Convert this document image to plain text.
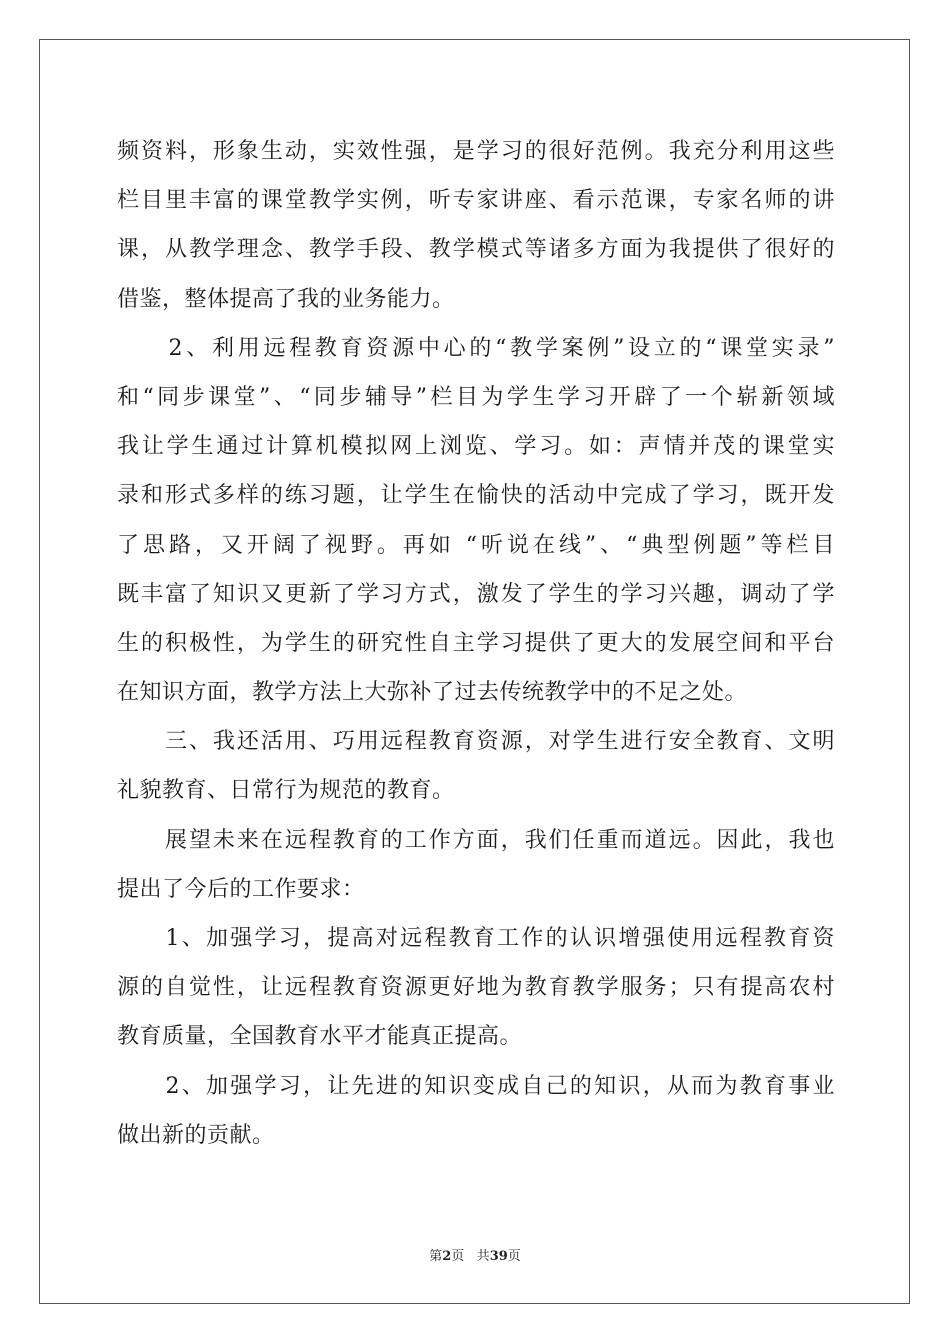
频资料，形象生动，实效性强，是学习的很好范例。我充分利用这些
栏目里丰富的课堂教学实例，听专家讲座、看示范课，专家名师的讲
课，从教学理念、教学手段、教学模式等诸多方面为我提供了很好的
借鉴，整体提高了我的业务能力。
　　2、利用远程教育资源中心的“教学案例”设立的“课堂实录”
和“同步课堂”、“同步辅导”栏目为学生学习开辟了一个崭新领域
我让学生通过计算机模拟网上浏览、学习。如：声情并茂的课堂实
录和形式多样的练习题，让学生在愉快的活动中完成了学习，既开发
了思路，又开阔了视野。再如 “听说在线”、“典型例题”等栏目
既丰富了知识又更新了学习方式，激发了学生的学习兴趣，调动了学
生的积极性，为学生的研究性自主学习提供了更大的发展空间和平台
在知识方面，教学方法上大弥补了过去传统教学中的不足之处。
　　三、我还活用、巧用远程教育资源，对学生进行安全教育、文明
礼貌教育、日常行为规范的教育。
　　展望未来在远程教育的工作方面，我们任重而道远。因此，我也
提出了今后的工作要求：
　　1、加强学习，提高对远程教育工作的认识增强使用远程教育资
源的自觉性，让远程教育资源更好地为教育教学服务；只有提高农村
教育质量，全国教育水平才能真正提高。
　　2、加强学习，让先进的知识变成自己的知识，从而为教育事业
做出新的贡献。
第2页 共39页
